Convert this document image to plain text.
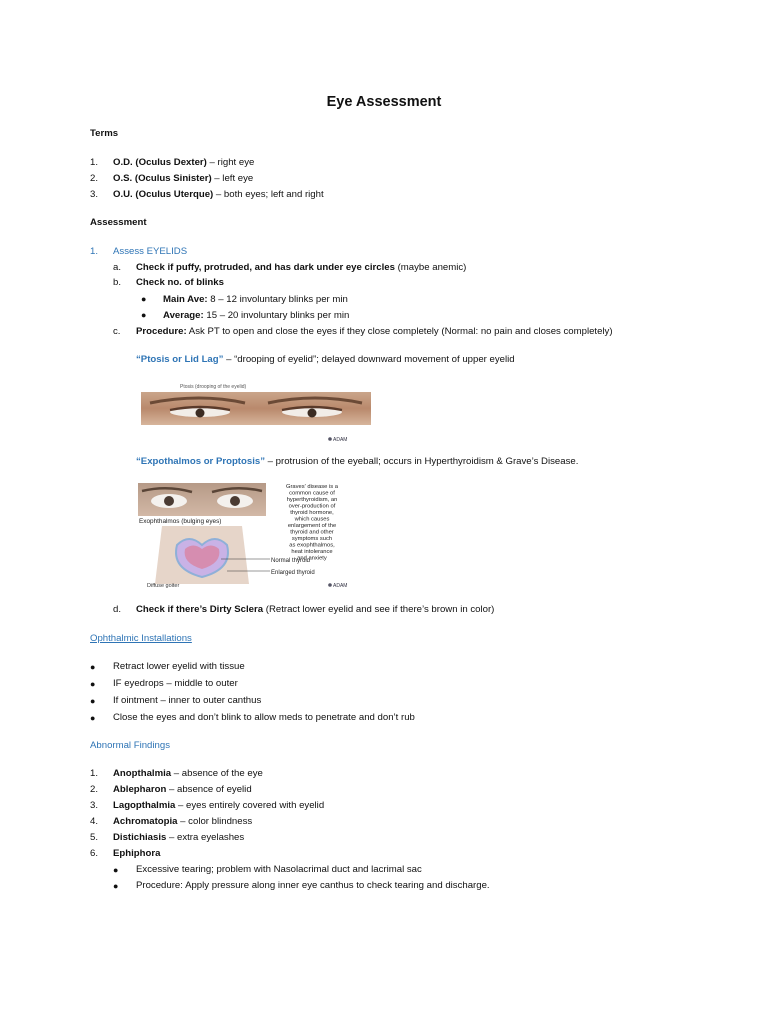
Eye Assessment
Terms
1. O.D. (Oculus Dexter) – right eye
2. O.S. (Oculus Sinister) – left eye
3. O.U. (Oculus Uterque) – both eyes; left and right
Assessment
1. Assess EYELIDS
a. Check if puffy, protruded, and has dark under eye circles (maybe anemic)
b. Check no. of blinks
● Main Ave: 8 – 12 involuntary blinks per min
● Average: 15 – 20 involuntary blinks per min
c. Procedure: Ask PT to open and close the eyes if they close completely (Normal: no pain and closes completely)
“Ptosis or Lid Lag” – “drooping of eyelid”; delayed downward movement of upper eyelid
Ptosis (drooping of the eyelid)
ADAM
“Expothalmos or Proptosis” – protrusion of the eyeball; occurs in Hyperthyroidism & Grave’s Disease.
Exophthalmos (bulging eyes)
Diffuse goiter
Graves' disease is a
common cause of
hyperthyroidism, an
over-production of
thyroid hormone,
which causes
enlargement of the
thyroid and other
symptoms such
as exophthalmos,
heat intolerance
and anxiety
Normal thyroid
Enlarged thyroid
ADAM
d. Check if there’s Dirty Sclera (Retract lower eyelid and see if there’s brown in color)
Ophthalmic Installations
● Retract lower eyelid with tissue
● IF eyedrops – middle to outer
● If ointment – inner to outer canthus
● Close the eyes and don’t blink to allow meds to penetrate and don’t rub
Abnormal Findings
1. Anopthalmia – absence of the eye
2. Ablepharon – absence of eyelid
3. Lagopthalmia – eyes entirely covered with eyelid
4. Achromatopia – color blindness
5. Distichiasis – extra eyelashes
6. Ephiphora
● Excessive tearing; problem with Nasolacrimal duct and lacrimal sac
● Procedure: Apply pressure along inner eye canthus to check tearing and discharge.
